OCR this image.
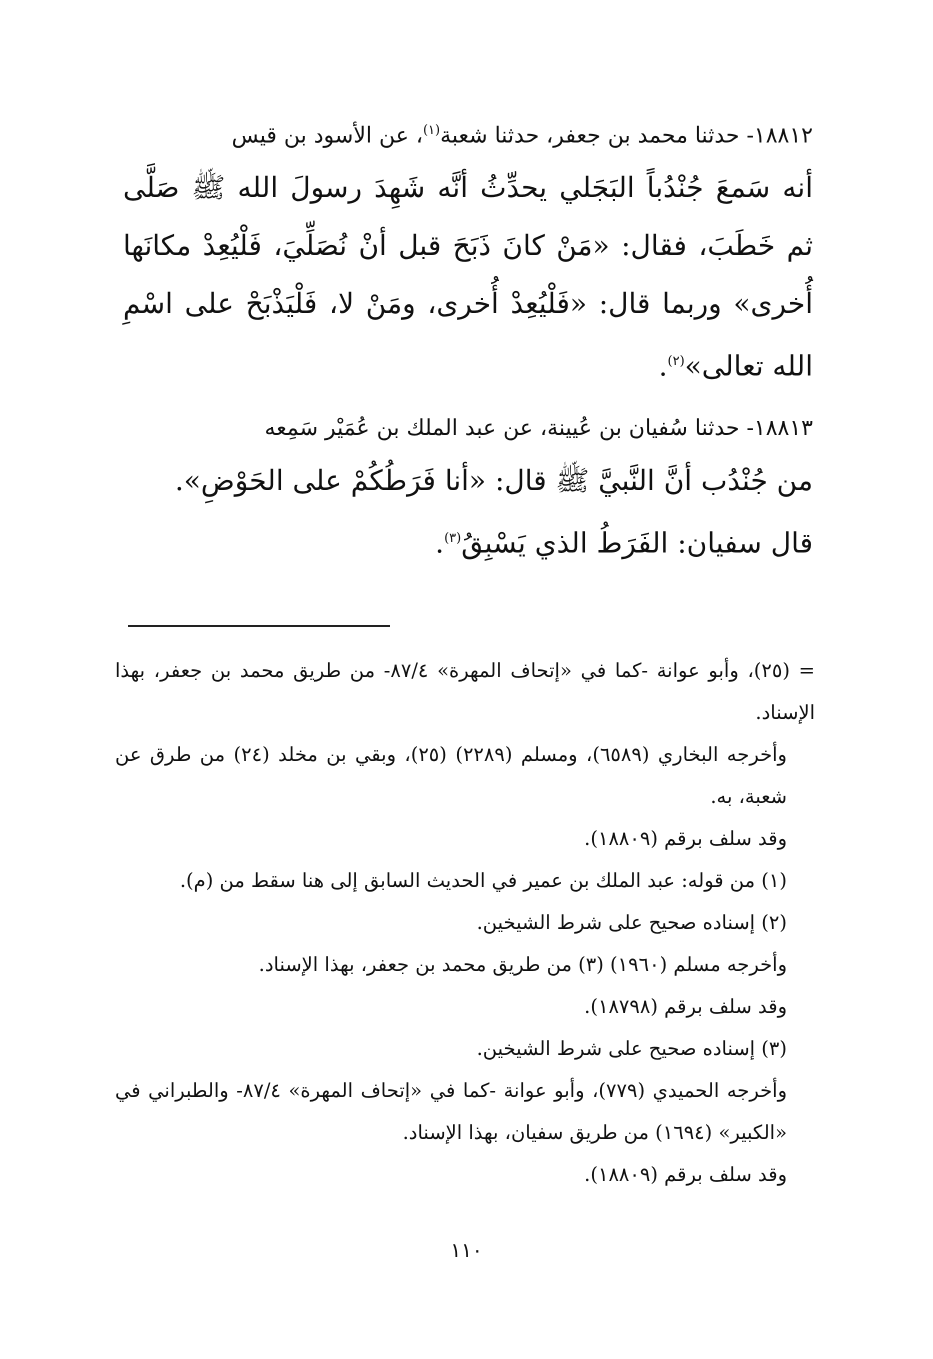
١٨٨١٢- حدثنا محمد بن جعفر، حدثنا شعبة$^{(١)}$، عن الأسود بن قيس

أنه سَمعَ جُنْدُباً البَجَلي يحدِّثُ أنَّه شَهِدَ رسولَ الله ﷺ صَلَّى ثم خَطَبَ، فقال: «مَنْ كانَ ذَبَحَ قبل أنْ نُصَلِّيَ، فَلْيُعِدْ مكانَها أُخرى» وربما قال: «فَلْيُعِدْ أُخرى، ومَنْ لا، فَلْيَذْبَحْ على اسْمِ الله تعالى»$^{(٢)}$.

١٨٨١٣- حدثنا سُفيان بن عُيينة، عن عبد الملك بن عُمَيْر سَمِعه

من جُنْدُب أنَّ النَّبيَّ ﷺ قال: «أنا فَرَطُكُمْ على الحَوْضِ».

قال سفيان: الفَرَطُ الذي يَسْبِقُ$^{(٣)}$.

= (٢٥)، وأبو عوانة -كما في «إتحاف المهرة» ٨٧/٤- من طريق محمد بن جعفر، بهذا الإسناد.

وأخرجه البخاري (٦٥٨٩)، ومسلم (٢٢٨٩) (٢٥)، وبقي بن مخلد (٢٤) من طرق عن شعبة، به.

وقد سلف برقم (١٨٨٠٩).

(١) من قوله: عبد الملك بن عمير في الحديث السابق إلى هنا سقط من (م).

(٢) إسناده صحيح على شرط الشيخين.

وأخرجه مسلم (١٩٦٠) (٣) من طريق محمد بن جعفر، بهذا الإسناد.

وقد سلف برقم (١٨٧٩٨).

(٣) إسناده صحيح على شرط الشيخين.

وأخرجه الحميدي (٧٧٩)، وأبو عوانة -كما في «إتحاف المهرة» ٨٧/٤- والطبراني في «الكبير» (١٦٩٤) من طريق سفيان، بهذا الإسناد.

وقد سلف برقم (١٨٨٠٩).

١١٠
